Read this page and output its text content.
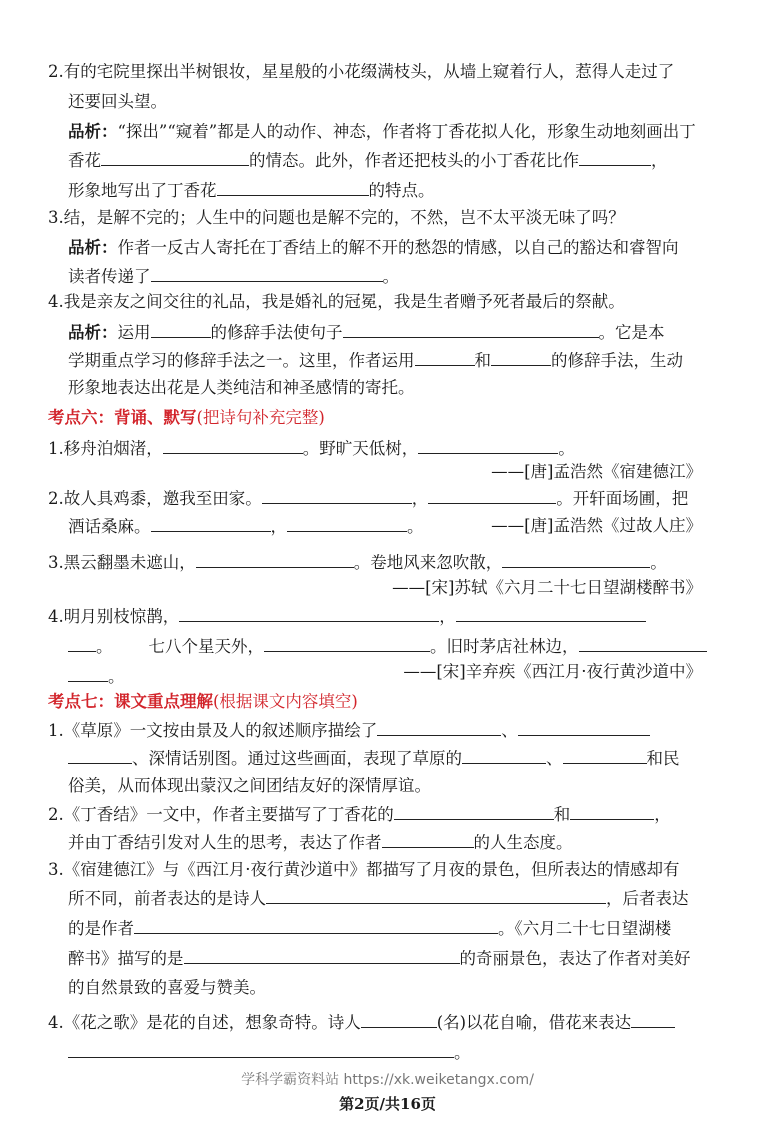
2.有的宅院里探出半树银妆，星星般的小花缀满枝头，从墙上窥着行人，惹得人走过了
还要回头望。
品析：“探出”“窥着”都是人的动作、神态，作者将丁香花拟人化，形象生动地刻画出丁
香花	的情态。此外，作者还把枝头的小丁香花比作	，
形象地写出了丁香花	的特点。
3.结，是解不完的；人生中的问题也是解不完的，不然，岂不太平淡无味了吗？
品析：作者一反古人寄托在丁香结上的解不开的愁怨的情感，以自己的豁达和睿智向
读者传递了	。
4.我是亲友之间交往的礼品，我是婚礼的冠冕，我是生者赠予死者最后的祭献。
品析：运用	的修辞手法使句子	。它是本
学期重点学习的修辞手法之一。这里，作者运用	和	的修辞手法，生动
形象地表达出花是人类纯洁和神圣感情的寄托。
考点六：背诵、默写(把诗句补充完整)
1.移舟泊烟渚，	。野旷天低树，	。
——[唐]孟浩然《宿建德江》
2.故人具鸡黍，邀我至田家。	，	。开轩面场圃，把
酒话桑麻。	，	。	——[唐]孟浩然《过故人庄》
3.黑云翻墨未遮山，	。卷地风来忽吹散，	。
——[宋]苏轼《六月二十七日望湖楼醉书》
4.明月别枝惊鹊，	，
。 七八个星天外，	。旧时茅店社林边，
。	——[宋]辛弃疾《西江月·夜行黄沙道中》
考点七：课文重点理解(根据课文内容填空)
1.《草原》一文按由景及人的叙述顺序描绘了	、
、深情话别图。通过这些画面，表现了草原的	、	和民
俗美，从而体现出蒙汉之间团结友好的深情厚谊。
2.《丁香结》一文中，作者主要描写了丁香花的	和	，
并由丁香结引发对人生的思考，表达了作者	的人生态度。
3.《宿建德江》与《西江月·夜行黄沙道中》都描写了月夜的景色，但所表达的情感却有
所不同，前者表达的是诗人	，后者表达
的是作者	。《六月二十七日望湖楼
醉书》描写的是	的奇丽景色，表达了作者对美好
的自然景致的喜爱与赞美。
4.《花之歌》是花的自述，想象奇特。诗人	(名)以花自喻，借花来表达
。
学科学霸资料站 https://xk.weiketangx.com/
第2页/共16页
